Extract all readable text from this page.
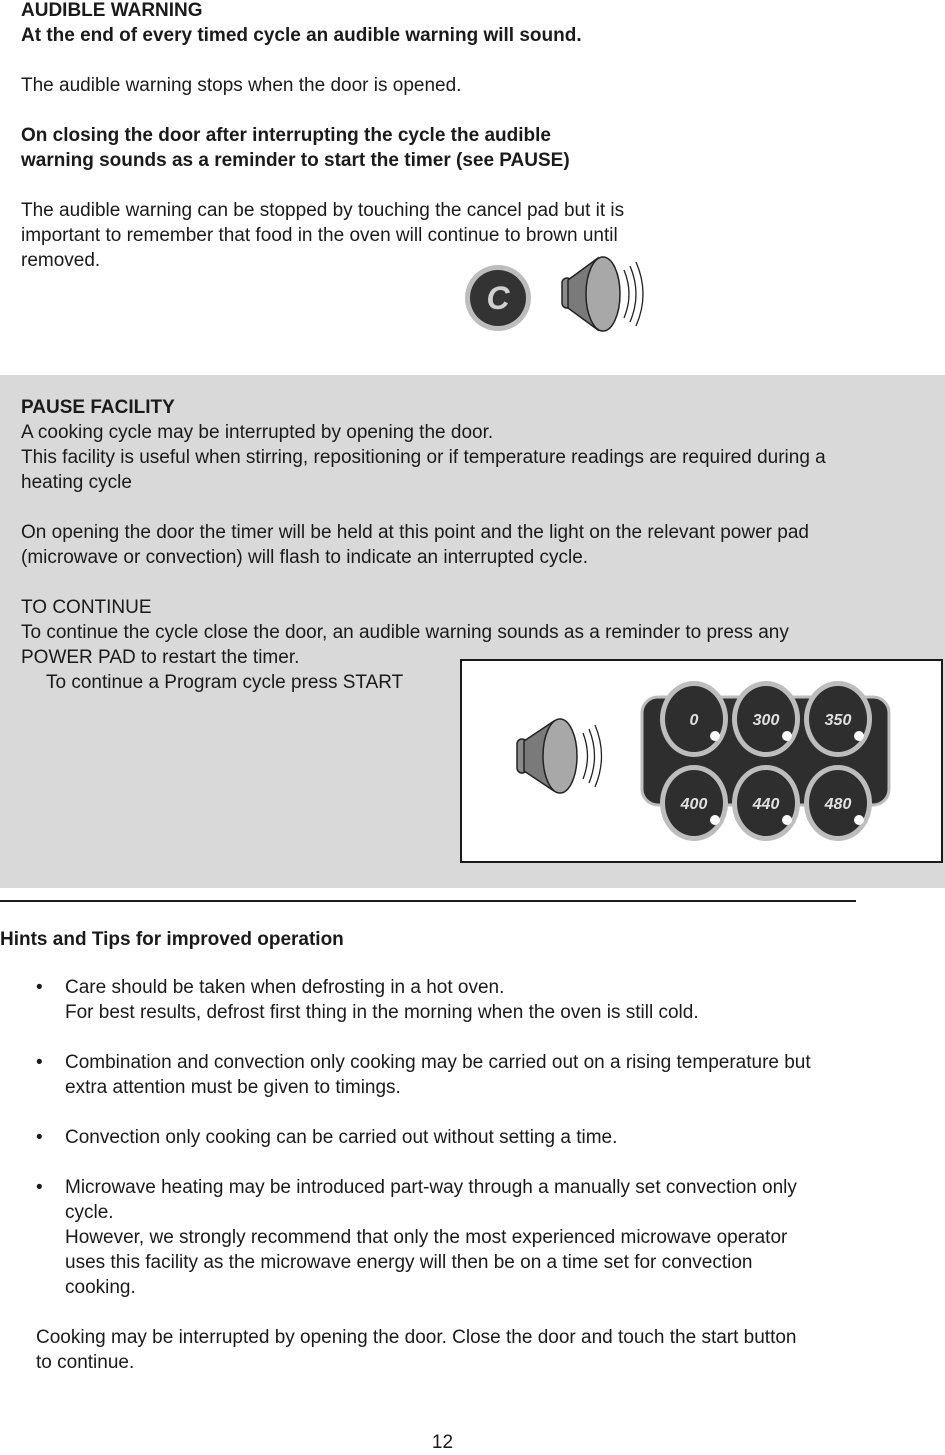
AUDIBLE WARNING

At the end of every timed cycle an audible warning will sound.

The audible warning stops when the door is opened.

On closing the door after interrupting the cycle the audible

warning sounds as a reminder to start the timer (see PAUSE)

The audible warning can be stopped by touching the cancel pad but it is

important to remember that food in the oven will continue to brown until

removed.

C

PAUSE FACILITY

A cooking cycle may be interrupted by opening the door.

This facility is useful when stirring, repositioning or if temperature readings are required during a

heating cycle

On opening the door the timer will be held at this point and the light on the relevant power pad

(microwave or convection) will flash to indicate an interrupted cycle.

TO CONTINUE

To continue the cycle close the door, an audible warning sounds as a reminder to press any

POWER PAD to restart the timer.

To continue a Program cycle press START

0	300	350
400	440	480

Hints and Tips for improved operation

•	Care should be taken when defrosting in a hot oven.

For best results, defrost first thing in the morning when the oven is still cold.

•	Combination and convection only cooking may be carried out on a rising temperature but

extra attention must be given to timings.

•	Convection only cooking can be carried out without setting a time.

•	Microwave heating may be introduced part-way through a manually set convection only

cycle.

However, we strongly recommend that only the most experienced microwave operator

uses this facility as the microwave energy will then be on a time set for convection

cooking.

Cooking may be interrupted by opening the door. Close the door and touch the start button

to continue.

12
